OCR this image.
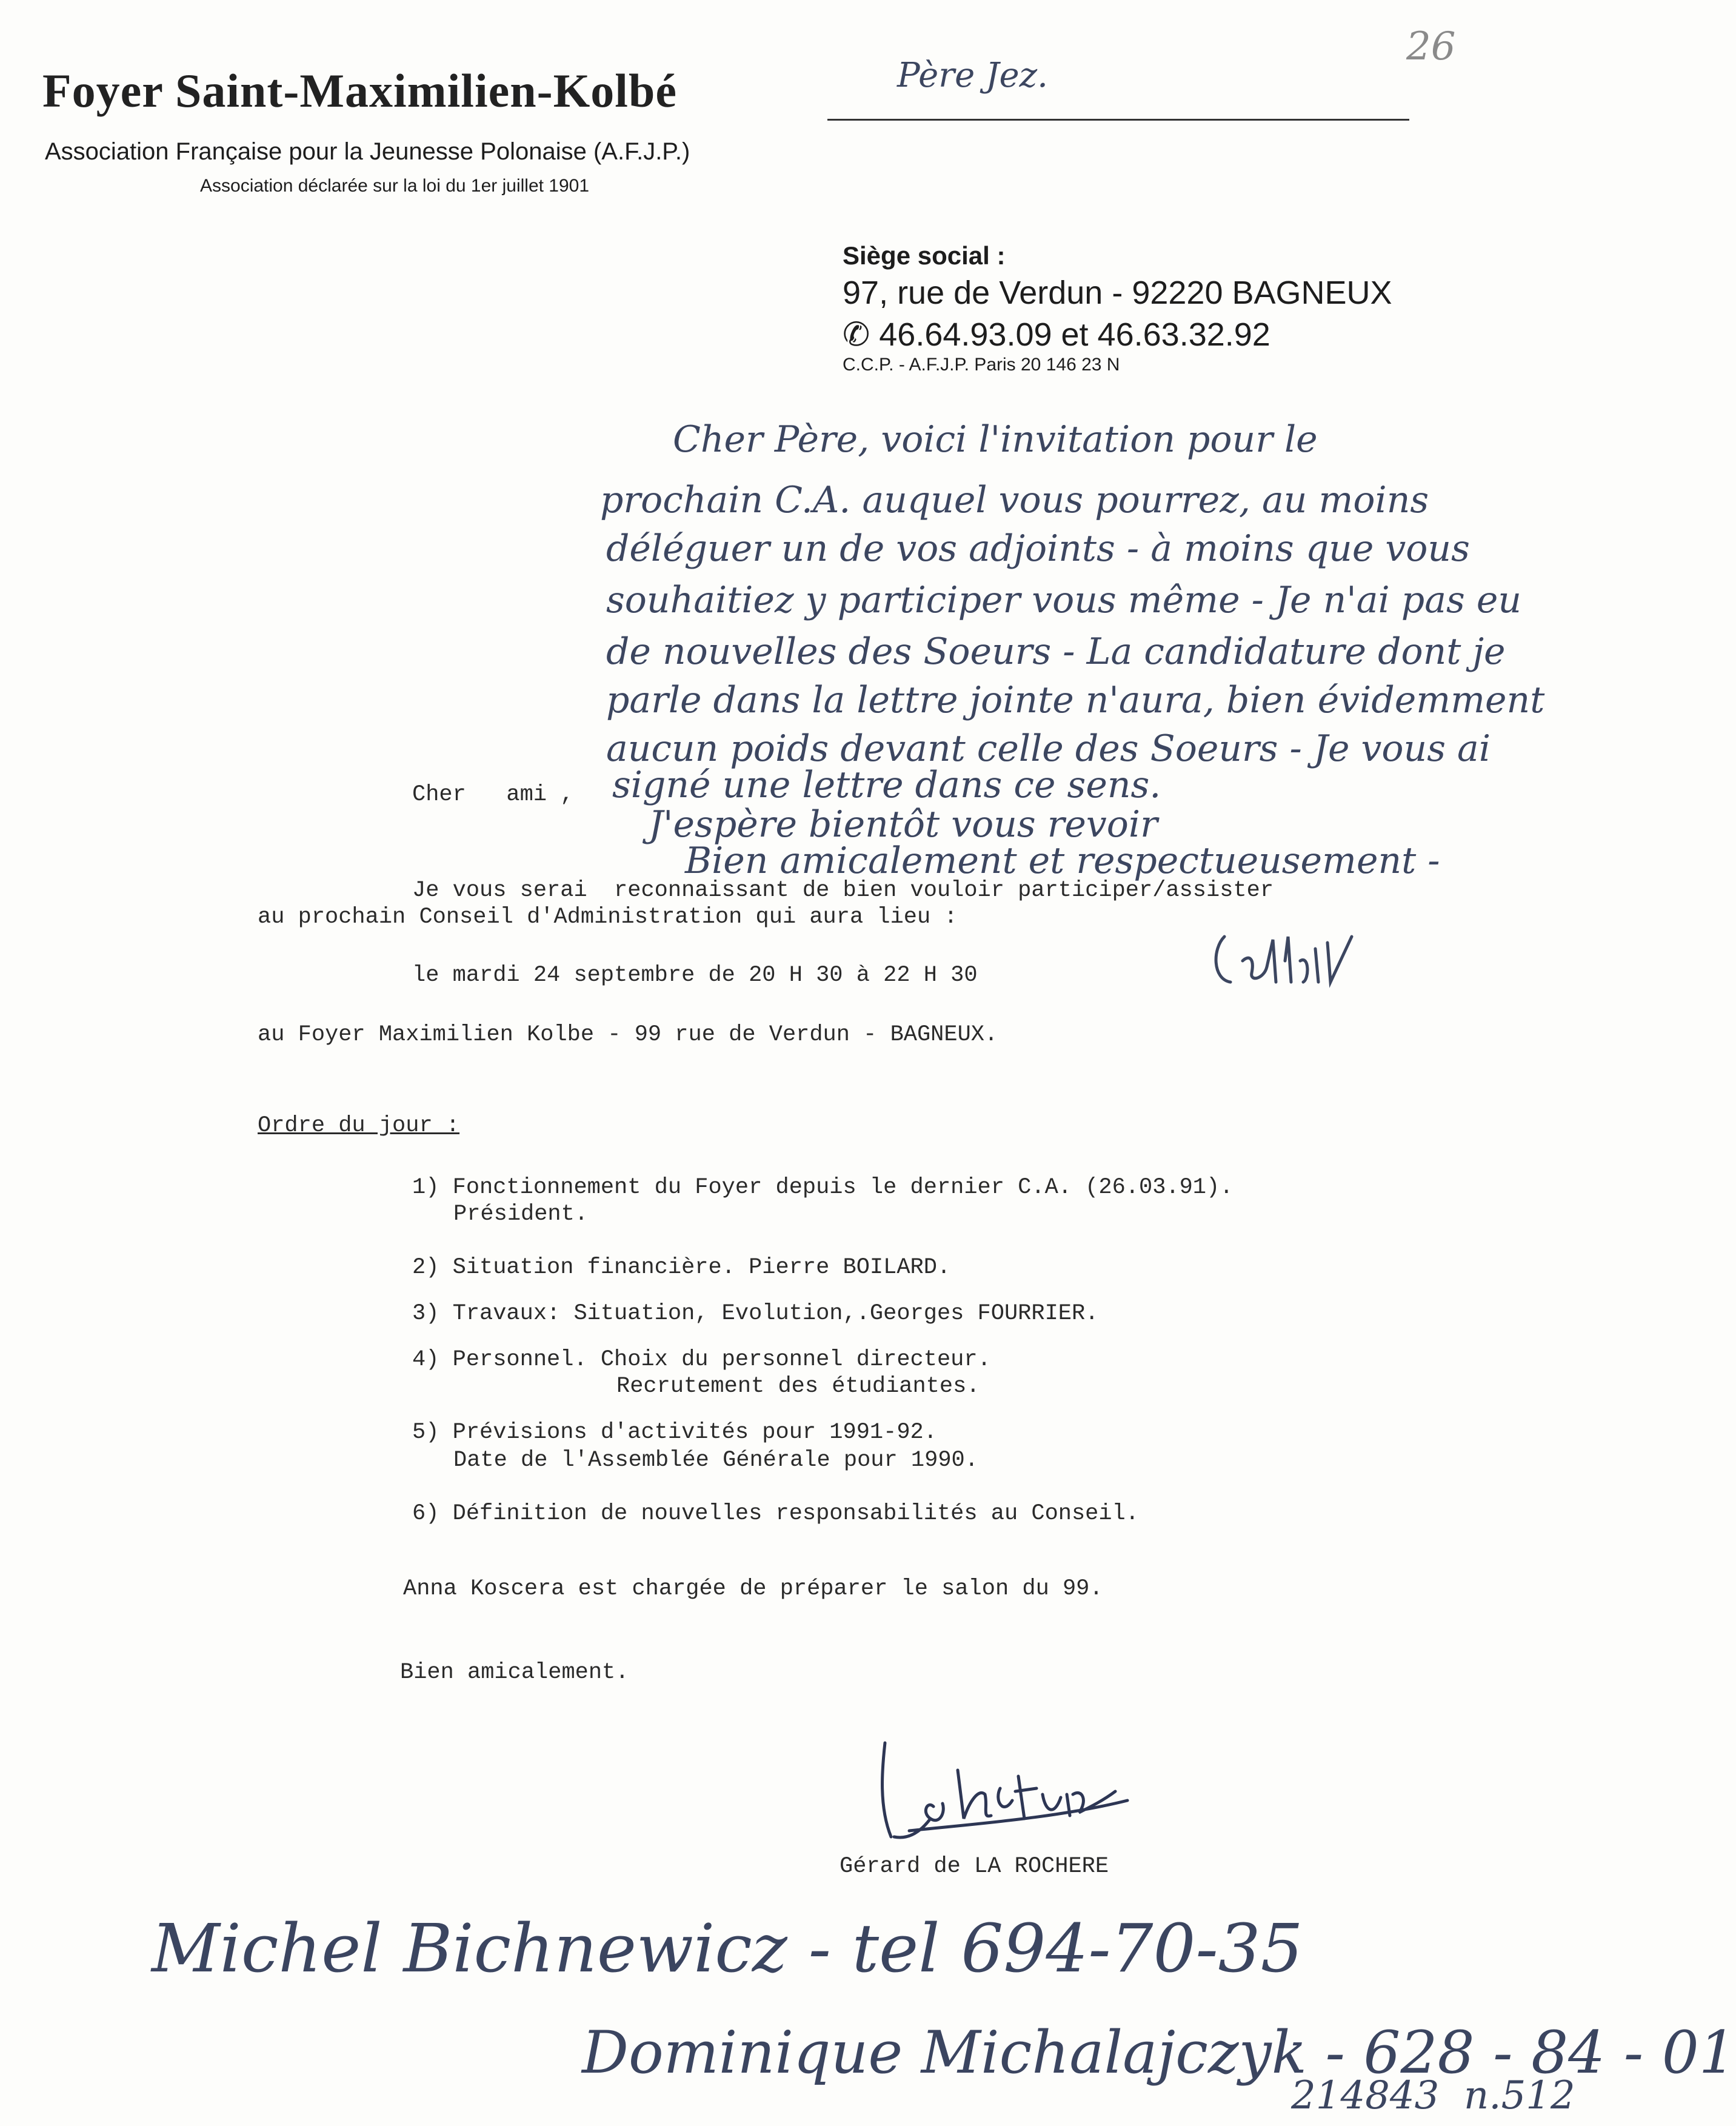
26
Père Jez.
Foyer Saint-Maximilien-Kolbé
Association Française pour la Jeunesse Polonaise (A.F.J.P.)
Association déclarée sur la loi du 1er juillet 1901
Siège social :
97, rue de Verdun - 92220 BAGNEUX
✆ 46.64.93.09 et 46.63.32.92
C.C.P. - A.F.J.P. Paris 20 146 23 N
Cher Père, voici l'invitation pour le
prochain C.A. auquel vous pourrez, au moins
déléguer un de vos adjoints - à moins que vous
souhaitiez y participer vous même - Je n'ai pas eu
de nouvelles des Soeurs - La candidature dont je
parle dans la lettre jointe n'aura, bien évidemment
aucun poids devant celle des Soeurs - Je vous ai
signé une lettre dans ce sens.
J'espère bientôt vous revoir
Bien amicalement et respectueusement -
Cher   ami ,
Je vous serai  reconnaissant de bien vouloir participer/assister
au prochain Conseil d'Administration qui aura lieu :
le mardi 24 septembre de 20 H 30 à 22 H 30
au Foyer Maximilien Kolbe - 99 rue de Verdun - BAGNEUX.
Ordre du jour :
1) Fonctionnement du Foyer depuis le dernier C.A. (26.03.91).
Président.
2) Situation financière. Pierre BOILARD.
3) Travaux: Situation, Evolution,.Georges FOURRIER.
4) Personnel. Choix du personnel directeur.
Recrutement des étudiantes.
5) Prévisions d'activités pour 1991-92.
Date de l'Assemblée Générale pour 1990.
6) Définition de nouvelles responsabilités au Conseil.
Anna Koscera est chargée de préparer le salon du 99.
Bien amicalement.
Gérard de LA ROCHERE
Michel Bichnewicz - tel 694-70-35
Dominique Michalajczyk - 628 - 84 - 01
214843  n.512
